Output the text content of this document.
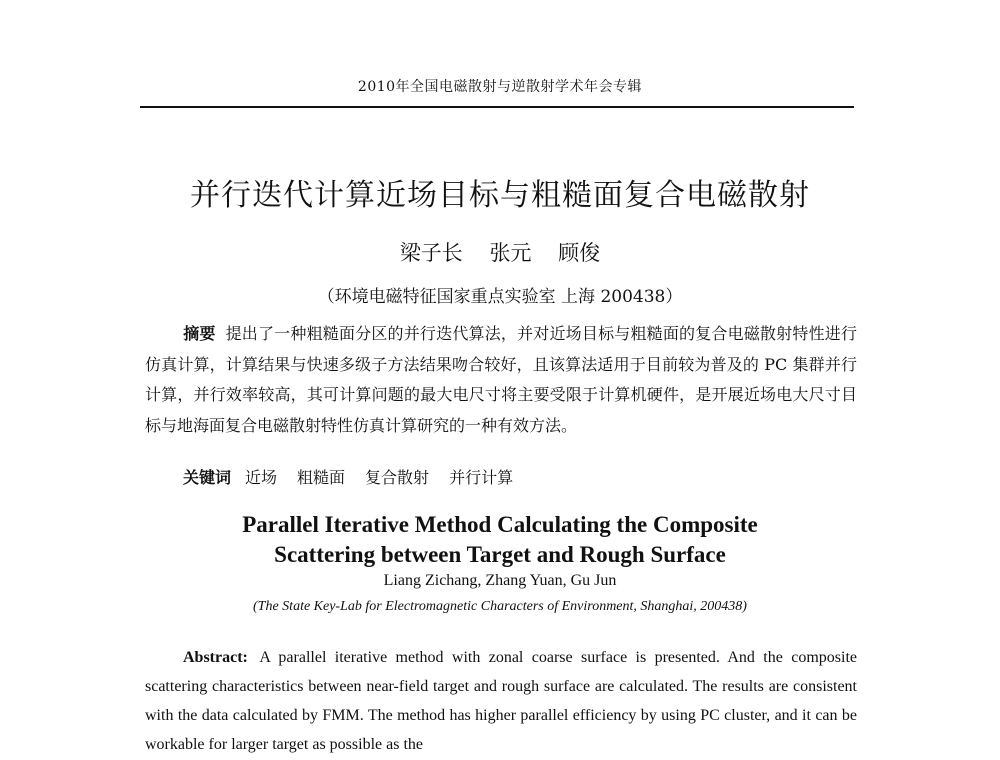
2010年全国电磁散射与逆散射学术年会专辑
并行迭代计算近场目标与粗糙面复合电磁散射
梁子长 张元 顾俊
（环境电磁特征国家重点实验室 上海 200438）
摘要 提出了一种粗糙面分区的并行迭代算法，并对近场目标与粗糙面的复合电磁散射特性进行仿真计算，计算结果与快速多级子方法结果吻合较好，且该算法适用于目前较为普及的 PC 集群并行计算，并行效率较高，其可计算问题的最大电尺寸将主要受限于计算机硬件，是开展近场电大尺寸目标与地海面复合电磁散射特性仿真计算研究的一种有效方法。
关键词 近场 粗糙面 复合散射 并行计算
Parallel Iterative Method Calculating the Composite
Scattering between Target and Rough Surface
Liang Zichang, Zhang Yuan, Gu Jun
(The State Key-Lab for Electromagnetic Characters of Environment, Shanghai, 200438)
Abstract: A parallel iterative method with zonal coarse surface is presented. And the composite scattering characteristics between near-field target and rough surface are calculated. The results are consistent with the data calculated by FMM. The method has higher parallel efficiency by using PC cluster, and it can be workable for larger target as possible as the
